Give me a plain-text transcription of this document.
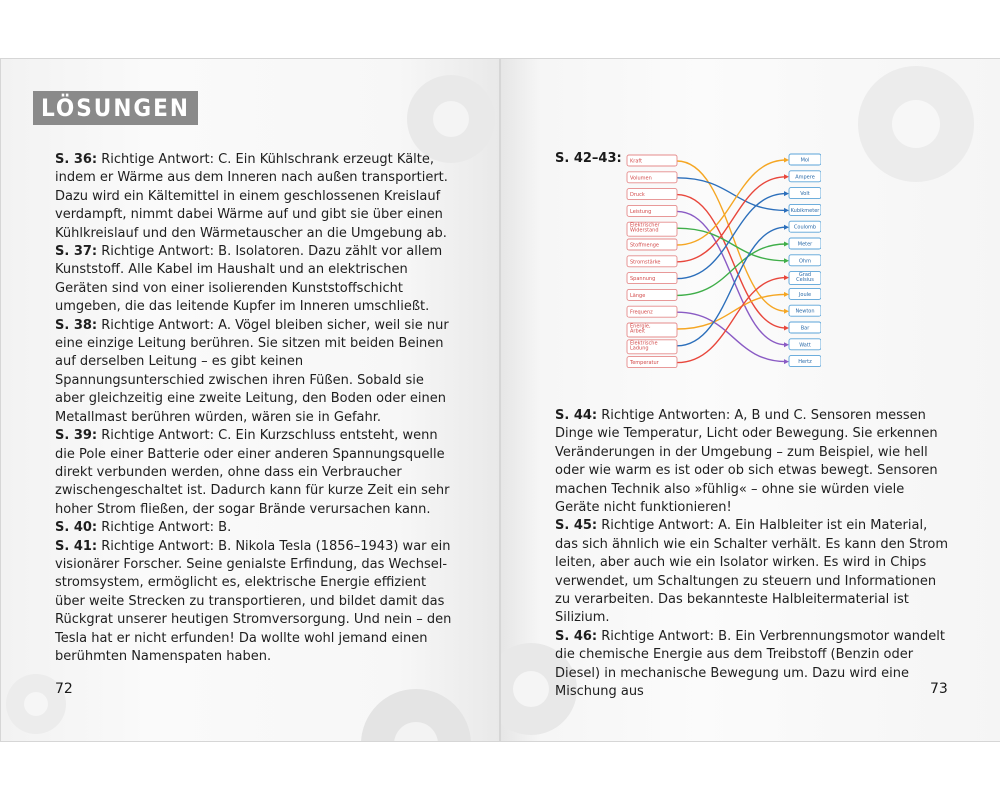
LÖSUNGEN

S. 36: Richtige Antwort: C. Ein Kühlschrank erzeugt Kälte, indem er Wärme aus dem Inneren nach außen transportiert. Dazu wird ein Kältemittel in einem geschlossenen Kreislauf verdampft, nimmt dabei Wärme auf und gibt sie über einen Kühlkreislauf und den Wärmetauscher an die Umgebung ab.

S. 37: Richtige Antwort: B. Isolatoren. Dazu zählt vor allem Kunststoff. Alle Kabel im Haushalt und an elektrischen Geräten sind von einer isolierenden Kunststoffschicht umgeben, die das leitende Kupfer im Inneren umschließt.

S. 38: Richtige Antwort: A. Vögel bleiben sicher, weil sie nur eine einzige Leitung berühren. Sie sitzen mit beiden Beinen auf derselben Leitung – es gibt keinen Spannungsunterschied zwischen ihren Füßen. Sobald sie aber gleichzeitig eine zweite Leitung, den Boden oder einen Metallmast berühren würden, wären sie in Gefahr.

S. 39: Richtige Antwort: C. Ein Kurzschluss entsteht, wenn die Pole einer Batterie oder einer anderen Spannungsquelle direkt verbunden werden, ohne dass ein Verbraucher zwischengeschaltet ist. Dadurch kann für kurze Zeit ein sehr hoher Strom fließen, der sogar Brände verursachen kann.

S. 40: Richtige Antwort: B.

S. 41: Richtige Antwort: B. Nikola Tesla (1856–1943) war ein visionärer Forscher. Seine genialste Erfindung, das Wechselstromsystem, ermöglicht es, elektrische Energie effizient über weite Strecken zu transportieren, und bildet damit das Rückgrat unserer heutigen Stromversorgung. Und nein – den Tesla hat er nicht erfunden! Da wollte wohl jemand einen berühmten Namenspaten haben.

72
S. 42–43: Kraft
Volumen
Druck
Leistung
Elektrischer
Widerstand
Stoffmenge
Stromstärke
Spannung
Länge
Frequenz
Energie,
Arbeit
Elektrische
Ladung
Temperatur
Mol
Ampere
Volt
Kubikmeter
Coulomb
Meter
Ohm
Grad
Celsius
Joule
Newton
Bar
Watt
Hertz

S. 44: Richtige Antworten: A, B und C. Sensoren messen Dinge wie Temperatur, Licht oder Bewegung. Sie erkennen Veränderungen in der Umgebung – zum Beispiel, wie hell oder wie warm es ist oder ob sich etwas bewegt. Sensoren machen Technik also »fühlig« – ohne sie würden viele Geräte nicht funktionieren!

S. 45: Richtige Antwort: A. Ein Halbleiter ist ein Material, das sich ähnlich wie ein Schalter verhält. Es kann den Strom leiten, aber auch wie ein Isolator wirken. Es wird in Chips verwendet, um Schaltungen zu steuern und Informationen zu verarbeiten. Das bekannteste Halbleitermaterial ist Silizium.

S. 46: Richtige Antwort: B. Ein Verbrennungsmotor wandelt die chemische Energie aus dem Treibstoff (Benzin oder Diesel) in mechanische Bewegung um. Dazu wird eine Mischung aus	73
